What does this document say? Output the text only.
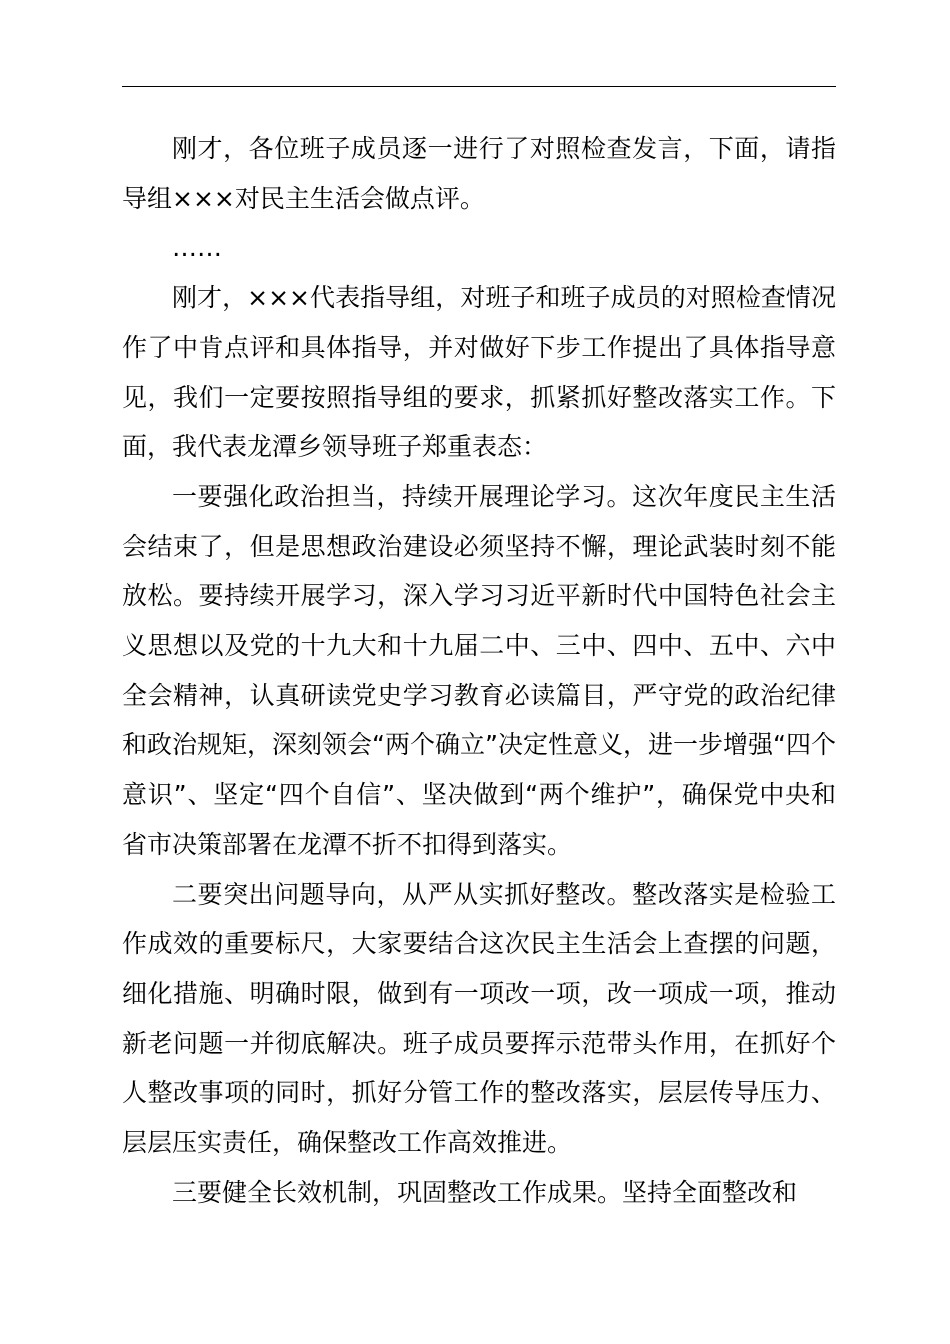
刚才，各位班子成员逐一进行了对照检查发言，下面，请指导组×××对民主生活会做点评。

……

刚才，×××代表指导组，对班子和班子成员的对照检查情况作了中肯点评和具体指导，并对做好下步工作提出了具体指导意见，我们一定要按照指导组的要求，抓紧抓好整改落实工作。下面，我代表龙潭乡领导班子郑重表态：

一要强化政治担当，持续开展理论学习。这次年度民主生活会结束了，但是思想政治建设必须坚持不懈，理论武装时刻不能放松。要持续开展学习，深入学习习近平新时代中国特色社会主义思想以及党的十九大和十九届二中、三中、四中、五中、六中全会精神，认真研读党史学习教育必读篇目，严守党的政治纪律和政治规矩，深刻领会“两个确立”决定性意义，进一步增强“四个意识”、坚定“四个自信”、坚决做到“两个维护”，确保党中央和省市决策部署在龙潭不折不扣得到落实。

二要突出问题导向，从严从实抓好整改。整改落实是检验工作成效的重要标尺，大家要结合这次民主生活会上查摆的问题，细化措施、明确时限，做到有一项改一项，改一项成一项，推动新老问题一并彻底解决。班子成员要挥示范带头作用，在抓好个人整改事项的同时，抓好分管工作的整改落实，层层传导压力、层层压实责任，确保整改工作高效推进。

三要健全长效机制，巩固整改工作成果。坚持全面整改和
